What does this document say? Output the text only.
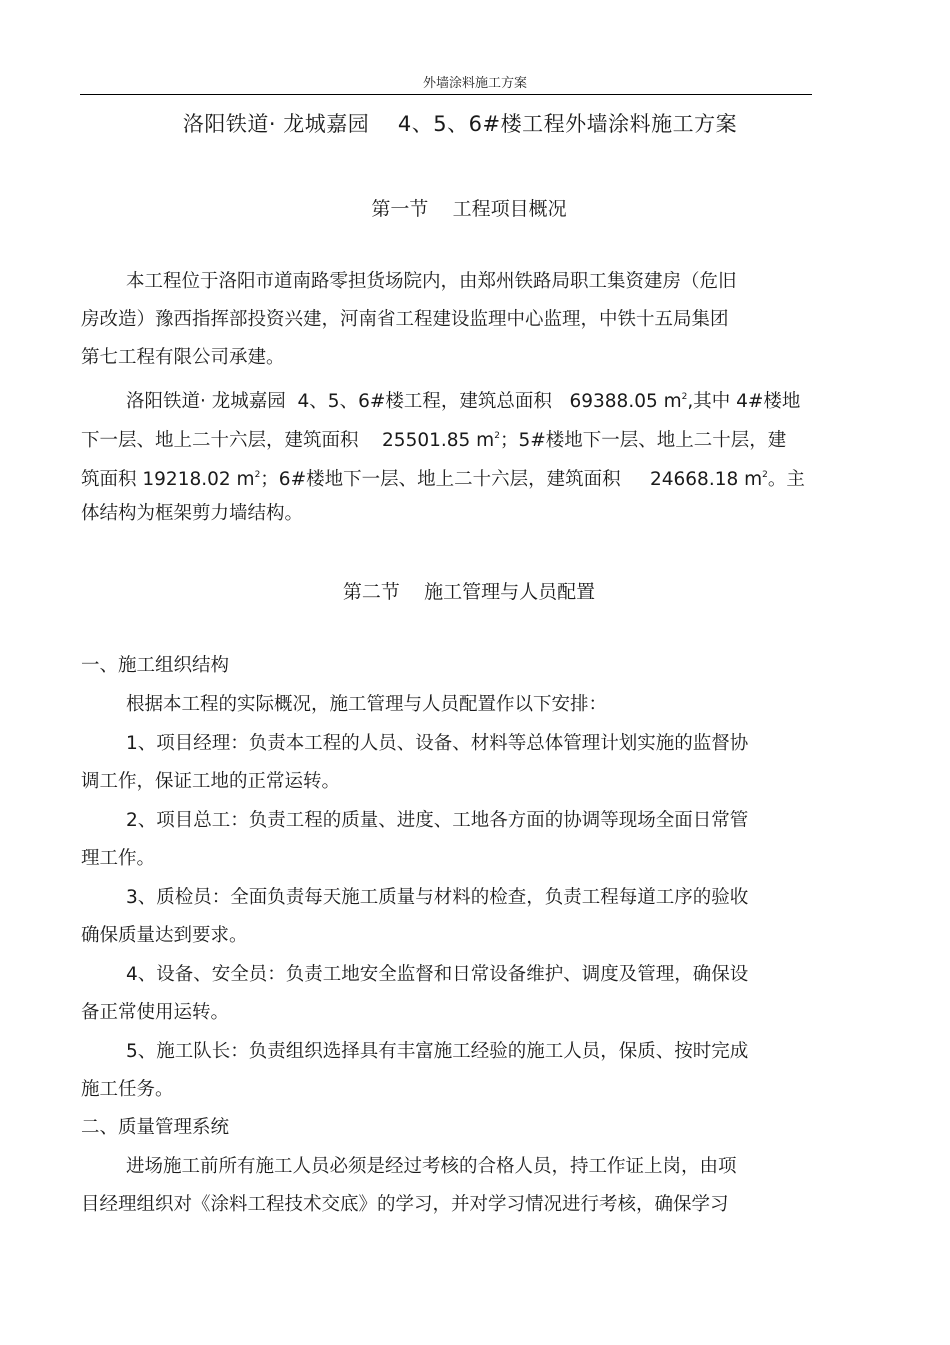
外墙涂料施工方案
洛阳铁道· 龙城嘉园    4、5、6#楼工程外墙涂料施工方案
第一节    工程项目概况
本工程位于洛阳市道南路零担货场院内，由郑州铁路局职工集资建房（危旧
房改造）豫西指挥部投资兴建，河南省工程建设监理中心监理，中铁十五局集团
第七工程有限公司承建。
洛阳铁道· 龙城嘉园  4、5、6#楼工程，建筑总面积   69388.05 $m^2$,其中 4#楼地
下一层、地上二十六层，建筑面积    25501.85 $m^2$；5#楼地下一层、地上二十层，建
筑面积 19218.02 $m^2$；6#楼地下一层、地上二十六层，建筑面积     24668.18 $m^2$。主
体结构为框架剪力墙结构。
第二节    施工管理与人员配置
一、施工组织结构
根据本工程的实际概况，施工管理与人员配置作以下安排：
1、项目经理：负责本工程的人员、设备、材料等总体管理计划实施的监督协
调工作，保证工地的正常运转。
2、项目总工：负责工程的质量、进度、工地各方面的协调等现场全面日常管
理工作。
3、质检员：全面负责每天施工质量与材料的检查，负责工程每道工序的验收
确保质量达到要求。
4、设备、安全员：负责工地安全监督和日常设备维护、调度及管理，确保设
备正常使用运转。
5、施工队长：负责组织选择具有丰富施工经验的施工人员，保质、按时完成
施工任务。
二、质量管理系统
进场施工前所有施工人员必须是经过考核的合格人员，持工作证上岗，由项
目经理组织对《涂料工程技术交底》的学习，并对学习情况进行考核，确保学习
